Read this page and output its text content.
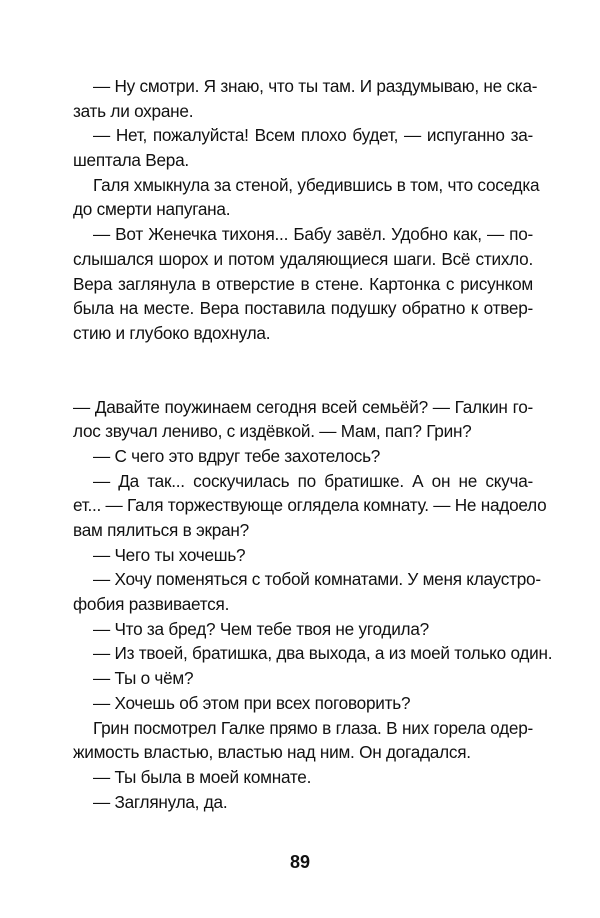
— Ну смотри. Я знаю, что ты там. И раздумываю, не ска-
зать ли охране.
— Нет, пожалуйста! Всем плохо будет, — испуганно за-
шептала Вера.
Галя хмыкнула за стеной, убедившись в том, что соседка
до смерти напугана.
— Вот Женечка тихоня... Бабу завёл. Удобно как, — по-
слышался шорох и потом удаляющиеся шаги. Всё стихло.
Вера заглянула в отверстие в стене. Картонка с рисунком
была на месте. Вера поставила подушку обратно к отвер-
стию и глубоко вдохнула.
— Давайте поужинаем сегодня всей семьёй? — Галкин го-
лос звучал лениво, с издёвкой. — Мам, пап? Грин?
— С чего это вдруг тебе захотелось?
— Да так... соскучилась по братишке. А он не скуча-
ет... — Галя торжествующе оглядела комнату. — Не надоело
вам пялиться в экран?
— Чего ты хочешь?
— Хочу поменяться с тобой комнатами. У меня клаустро-
фобия развивается.
— Что за бред? Чем тебе твоя не угодила?
— Из твоей, братишка, два выхода, а из моей только один.
— Ты о чём?
— Хочешь об этом при всех поговорить?
Грин посмотрел Галке прямо в глаза. В них горела одер-
жимость властью, властью над ним. Он догадался.
— Ты была в моей комнате.
— Заглянула, да.
89
